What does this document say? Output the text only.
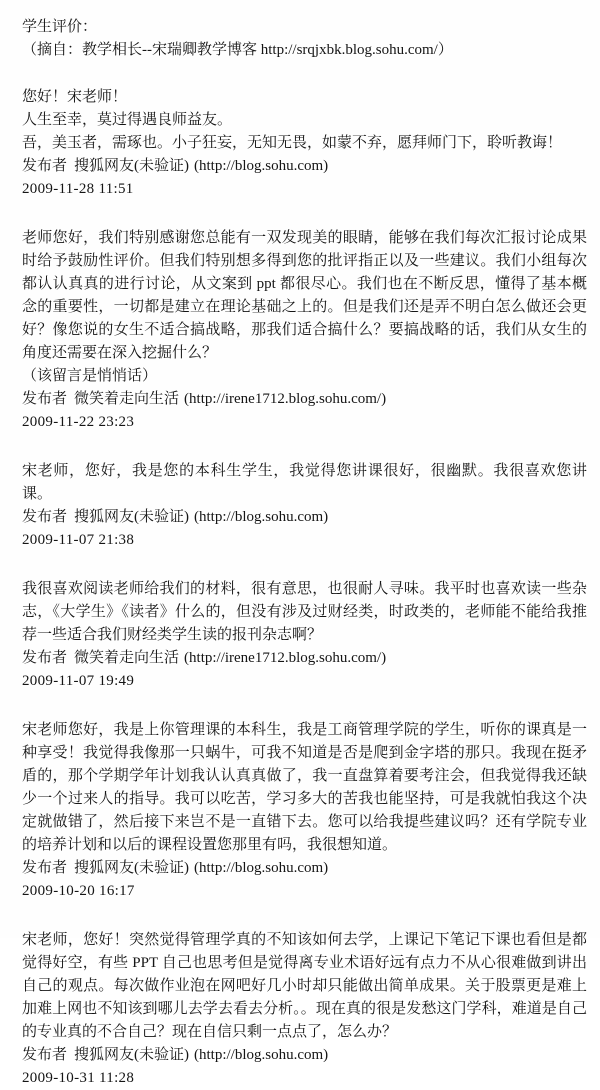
学生评价：
（摘自：教学相长--宋瑞卿教学博客 http://srqjxbk.blog.sohu.com/）
您好！宋老师！
人生至幸，莫过得遇良师益友。
吾，美玉者，需琢也。小子狂妄，无知无畏，如蒙不弃，愿拜师门下，聆听教诲！
发布者 搜狐网友(未验证) (http://blog.sohu.com)
2009-11-28 11:51
老师您好，我们特别感谢您总能有一双发现美的眼睛，能够在我们每次汇报讨论成果时给予鼓励性评价。但我们特别想多得到您的批评指正以及一些建议。我们小组每次都认认真真的进行讨论，从文案到 ppt 都很尽心。我们也在不断反思，懂得了基本概念的重要性，一切都是建立在理论基础之上的。但是我们还是弄不明白怎么做还会更好？像您说的女生不适合搞战略，那我们适合搞什么？要搞战略的话，我们从女生的角度还需要在深入挖掘什么？
（该留言是悄悄话）
发布者 微笑着走向生活 (http://irene1712.blog.sohu.com/)
2009-11-22 23:23
宋老师，您好，我是您的本科生学生，我觉得您讲课很好，很幽默。我很喜欢您讲课。
发布者 搜狐网友(未验证) (http://blog.sohu.com)
2009-11-07 21:38
我很喜欢阅读老师给我们的材料，很有意思，也很耐人寻味。我平时也喜欢读一些杂志，《大学生》《读者》什么的，但没有涉及过财经类，时政类的，老师能不能给我推荐一些适合我们财经类学生读的报刊杂志啊？
发布者 微笑着走向生活 (http://irene1712.blog.sohu.com/)
2009-11-07 19:49
宋老师您好，我是上你管理课的本科生，我是工商管理学院的学生，听你的课真是一种享受！我觉得我像那一只蜗牛，可我不知道是否是爬到金字塔的那只。我现在挺矛盾的，那个学期学年计划我认认真真做了，我一直盘算着要考注会，但我觉得我还缺少一个过来人的指导。我可以吃苦，学习多大的苦我也能坚持，可是我就怕我这个决定就做错了，然后接下来岂不是一直错下去。您可以给我提些建议吗？还有学院专业的培养计划和以后的课程设置您那里有吗，我很想知道。
发布者 搜狐网友(未验证) (http://blog.sohu.com)
2009-10-20 16:17
宋老师，您好！突然觉得管理学真的不知该如何去学，上课记下笔记下课也看但是都觉得好空，有些 PPT 自己也思考但是觉得离专业术语好远有点力不从心很难做到讲出自己的观点。每次做作业泡在网吧好几小时却只能做出简单成果。关于股票更是难上加难上网也不知该到哪儿去学去看去分析。。现在真的很是发愁这门学科，难道是自己的专业真的不合自己？现在自信只剩一点点了，怎么办？
发布者 搜狐网友(未验证) (http://blog.sohu.com)
2009-10-31 11:28
